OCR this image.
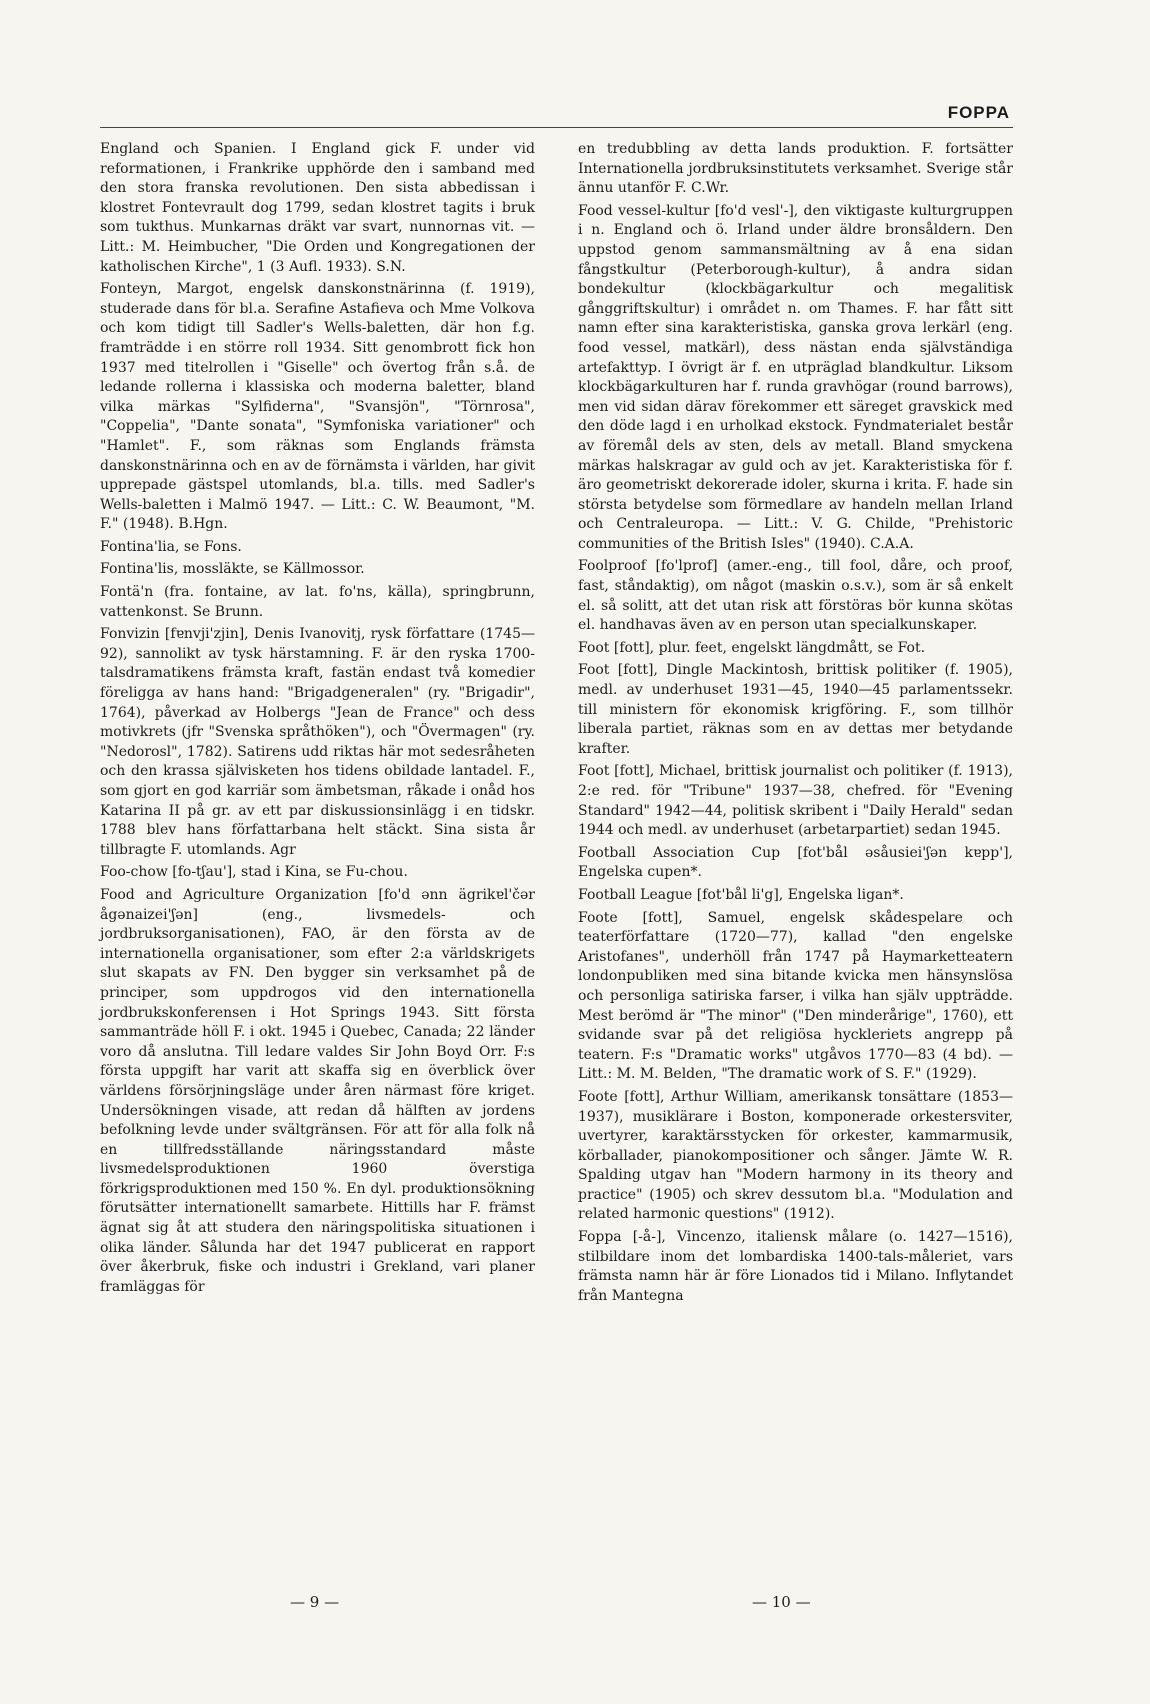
FOPPA

England och Spanien. I England gick F. under vid reformationen, i Frankrike upphörde den i samband med den stora franska revolutionen. Den sista abbedissan i klostret Fontevrault dog 1799, sedan klostret tagits i bruk som tukthus. Munkarnas dräkt var svart, nunnornas vit. — Litt.: M. Heimbucher, "Die Orden und Kongregationen der katholischen Kirche", 1 (3 Aufl. 1933). S.N.

Fonteyn, Margot, engelsk danskonstnärinna (f. 1919), studerade dans för bl.a. Serafine Astafieva och Mme Volkova och kom tidigt till Sadler's Wells-baletten, där hon f.g. framträdde i en större roll 1934. Sitt genombrott fick hon 1937 med titelrollen i "Giselle" och övertog från s.å. de ledande rollerna i klassiska och moderna baletter, bland vilka märkas "Sylfiderna", "Svansjön", "Törnrosa", "Coppelia", "Dante sonata", "Symfoniska variationer" och "Hamlet". F., som räknas som Englands främsta danskonstnärinna och en av de förnämsta i världen, har givit upprepade gästspel utomlands, bl.a. tills. med Sadler's Wells-baletten i Malmö 1947. — Litt.: C. W. Beaumont, "M. F." (1948). B.Hgn.

Fontina'lia, se Fons.

Fontina'lis, mossläkte, se Källmossor.

Fontä'n (fra. fontaine, av lat. fo'ns, källa), springbrunn, vattenkonst. Se Brunn.

Fonvizin [fɐnvji'zjin], Denis Ivanovitj, rysk författare (1745—92), sannolikt av tysk härstamning. F. är den ryska 1700-talsdramatikens främsta kraft, fastän endast två komedier föreligga av hans hand: "Brigadgeneralen" (ry. "Brigadir", 1764), påverkad av Holbergs "Jean de France" och dess motivkrets (jfr "Svenska språthöken"), och "Övermagen" (ry. "Nedorosl", 1782). Satirens udd riktas här mot sedesråheten och den krassa självisketen hos tidens obildade lantadel. F., som gjort en god karriär som ämbetsman, råkade i onåd hos Katarina II på gr. av ett par diskussionsinlägg i en tidskr. 1788 blev hans författarbana helt stäckt. Sina sista år tillbragte F. utomlands. Agr

Foo-chow [fo-tʃau'], stad i Kina, se Fu-chou.

Food and Agriculture Organization [fo'd ənn ägrikɐl'čər ågənaizei'ʃən] (eng., livsmedels- och jordbruksorganisationen), FAO, är den första av de internationella organisationer, som efter 2:a världskrigets slut skapats av FN. Den bygger sin verksamhet på de principer, som uppdrogos vid den internationella jordbrukskonferensen i Hot Springs 1943. Sitt första sammanträde höll F. i okt. 1945 i Quebec, Canada; 22 länder voro då anslutna. Till ledare valdes Sir John Boyd Orr. F:s första uppgift har varit att skaffa sig en överblick över världens försörjningsläge under åren närmast före kriget. Undersökningen visade, att redan då hälften av jordens befolkning levde under svältgränsen. För att för alla folk nå en tillfredsställande näringsstandard måste livsmedelsproduktionen 1960 överstiga förkrigsproduktionen med 150 %. En dyl. produktionsökning förutsätter internationellt samarbete. Hittills har F. främst ägnat sig åt att studera den näringspolitiska situationen i olika länder. Sålunda har det 1947 publicerat en rapport över åkerbruk, fiske och industri i Grekland, vari planer framläggas för

en tredubbling av detta lands produktion. F. fortsätter Internationella jordbruksinstitutets verksamhet. Sverige står ännu utanför F. C.Wr.

Food vessel-kultur [fo'd vesl'-], den viktigaste kulturgruppen i n. England och ö. Irland under äldre bronsåldern. Den uppstod genom sammansmältning av å ena sidan fångstkultur (Peterborough-kultur), å andra sidan bondekultur (klockbägarkultur och megalitisk gånggriftskultur) i området n. om Thames. F. har fått sitt namn efter sina karakteristiska, ganska grova lerkärl (eng. food vessel, matkärl), dess nästan enda självständiga artefakttyp. I övrigt är f. en utpräglad blandkultur. Liksom klockbägarkulturen har f. runda gravhögar (round barrows), men vid sidan därav förekommer ett säreget gravskick med den döde lagd i en urholkad ekstock. Fyndmaterialet består av föremål dels av sten, dels av metall. Bland smyckena märkas halskragar av guld och av jet. Karakteristiska för f. äro geometriskt dekorerade idoler, skurna i krita. F. hade sin största betydelse som förmedlare av handeln mellan Irland och Centraleuropa. — Litt.: V. G. Childe, "Prehistoric communities of the British Isles" (1940). C.A.A.

Foolproof [fo'lprof] (amer.-eng., till fool, dåre, och proof, fast, ståndaktig), om något (maskin o.s.v.), som är så enkelt el. så solitt, att det utan risk att förstöras bör kunna skötas el. handhavas även av en person utan specialkunskaper.

Foot [fott], plur. feet, engelskt längdmått, se Fot.

Foot [fott], Dingle Mackintosh, brittisk politiker (f. 1905), medl. av underhuset 1931—45, 1940—45 parlamentssekr. till ministern för ekonomisk krigföring. F., som tillhör liberala partiet, räknas som en av dettas mer betydande krafter.

Foot [fott], Michael, brittisk journalist och politiker (f. 1913), 2:e red. för "Tribune" 1937—38, chefred. för "Evening Standard" 1942—44, politisk skribent i "Daily Herald" sedan 1944 och medl. av underhuset (arbetarpartiet) sedan 1945.

Football Association Cup [fot'bål əsåusiei'ʃən kɐpp'], Engelska cupen*.

Football League [fot'bål li'g], Engelska ligan*.

Foote [fott], Samuel, engelsk skådespelare och teaterförfattare (1720—77), kallad "den engelske Aristofanes", underhöll från 1747 på Haymarketteatern londonpubliken med sina bitande kvicka men hänsynslösa och personliga satiriska farser, i vilka han själv uppträdde. Mest berömd är "The minor" ("Den minderårige", 1760), ett svidande svar på det religiösa hyckleriets angrepp på teatern. F:s "Dramatic works" utgåvos 1770—83 (4 bd). — Litt.: M. M. Belden, "The dramatic work of S. F." (1929).

Foote [fott], Arthur William, amerikansk tonsättare (1853—1937), musiklärare i Boston, komponerade orkestersviter, uvertyrer, karaktärsstycken för orkester, kammarmusik, körballader, pianokompositioner och sånger. Jämte W. R. Spalding utgav han "Modern harmony in its theory and practice" (1905) och skrev dessutom bl.a. "Modulation and related harmonic questions" (1912).

Foppa [-å-], Vincenzo, italiensk målare (o. 1427—1516), stilbildare inom det lombardiska 1400-tals-måleriet, vars främsta namn här är före Lionados tid i Milano. Inflytandet från Mantegna

— 9 —	— 10 —
